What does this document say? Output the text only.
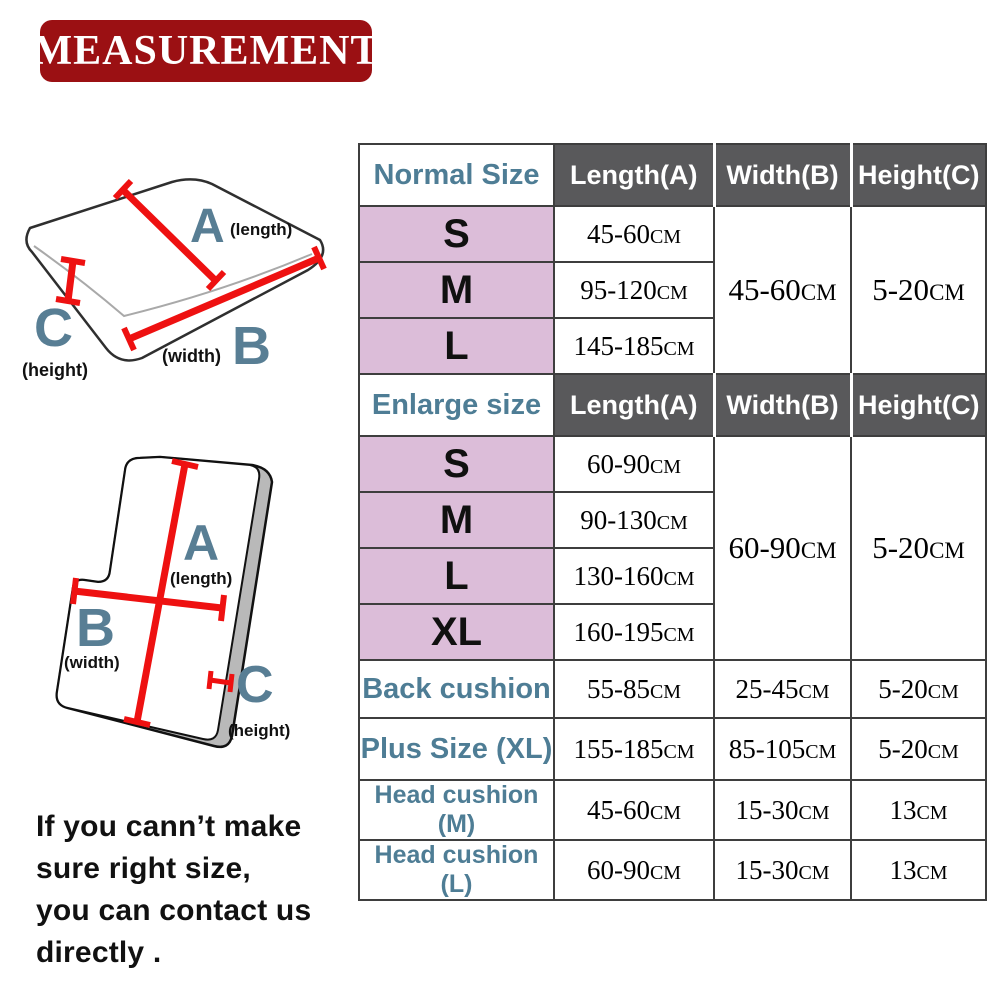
MEASUREMENT
A (length)
B
(width)
C
(height)
A
(length)
B
(width) C
(height)
Normal Size	Length(A)	Width(B)	Height(C)
S	45-60CM	45-60CM	5-20CM
M	95-120CM		
L	145-185CM		
Enlarge size	Length(A)	Width(B)	Height(C)
S	60-90CM	60-90CM	5-20CM
M	90-130CM		
L	130-160CM		
XL	160-195CM		
Back cushion	55-85CM	25-45CM	5-20CM
Plus Size (XL)	155-185CM	85-105CM	5-20CM
Head cushion (M)	45-60CM	15-30CM	13CM
Head cushion (L)	60-90CM	15-30CM	13CM
If you cann’t make
sure right size,
you can contact us
directly .
